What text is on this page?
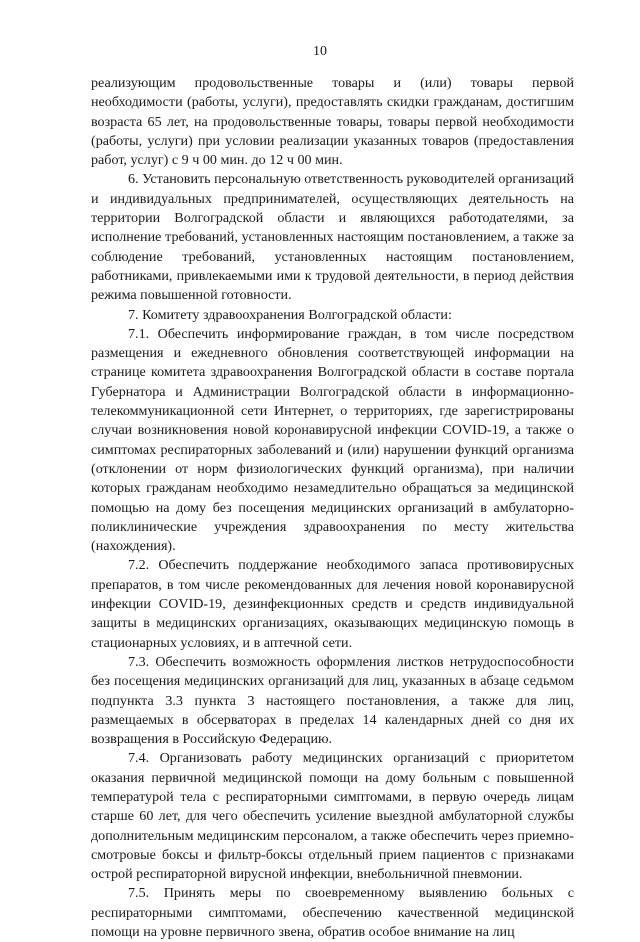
10

реализующим продовольственные товары и (или) товары первой необходимости (работы, услуги), предоставлять скидки гражданам, достигшим возраста 65 лет, на продовольственные товары, товары первой необходимости (работы, услуги) при условии реализации указанных товаров (предоставления работ, услуг) с 9 ч 00 мин. до 12 ч 00 мин.

6. Установить персональную ответственность руководителей организаций и индивидуальных предпринимателей, осуществляющих деятельность на территории Волгоградской области и являющихся работодателями, за исполнение требований, установленных настоящим постановлением, а также за соблюдение требований, установленных настоящим постановлением, работниками, привлекаемыми ими к трудовой деятельности, в период действия режима повышенной готовности.

7. Комитету здравоохранения Волгоградской области:

7.1. Обеспечить информирование граждан, в том числе посредством размещения и ежедневного обновления соответствующей информации на странице комитета здравоохранения Волгоградской области в составе портала Губернатора и Администрации Волгоградской области в информационно-телекоммуникационной сети Интернет, о территориях, где зарегистрированы случаи возникновения новой коронавирусной инфекции COVID-19, а также о симптомах респираторных заболеваний и (или) нарушении функций организма (отклонении от норм физиологических функций организма), при наличии которых гражданам необходимо незамедлительно обращаться за медицинской помощью на дому без посещения медицинских организаций в амбулаторно-поликлинические учреждения здравоохранения по месту жительства (нахождения).

7.2. Обеспечить поддержание необходимого запаса противовирусных препаратов, в том числе рекомендованных для лечения новой коронавирусной инфекции COVID-19, дезинфекционных средств и средств индивидуальной защиты в медицинских организациях, оказывающих медицинскую помощь в стационарных условиях, и в аптечной сети.

7.3. Обеспечить возможность оформления листков нетрудоспособности без посещения медицинских организаций для лиц, указанных в абзаце седьмом подпункта 3.3 пункта 3 настоящего постановления, а также для лиц, размещаемых в обсерваторах в пределах 14 календарных дней со дня их возвращения в Российскую Федерацию.

7.4. Организовать работу медицинских организаций с приоритетом оказания первичной медицинской помощи на дому больным с повышенной температурой тела с респираторными симптомами, в первую очередь лицам старше 60 лет, для чего обеспечить усиление выездной амбулаторной службы дополнительным медицинским персоналом, а также обеспечить через приемно-смотровые боксы и фильтр-боксы отдельный прием пациентов с признаками острой респираторной вирусной инфекции, внебольничной пневмонии.

7.5. Принять меры по своевременному выявлению больных с респираторными симптомами, обеспечению качественной медицинской помощи на уровне первичного звена, обратив особое внимание на лиц
